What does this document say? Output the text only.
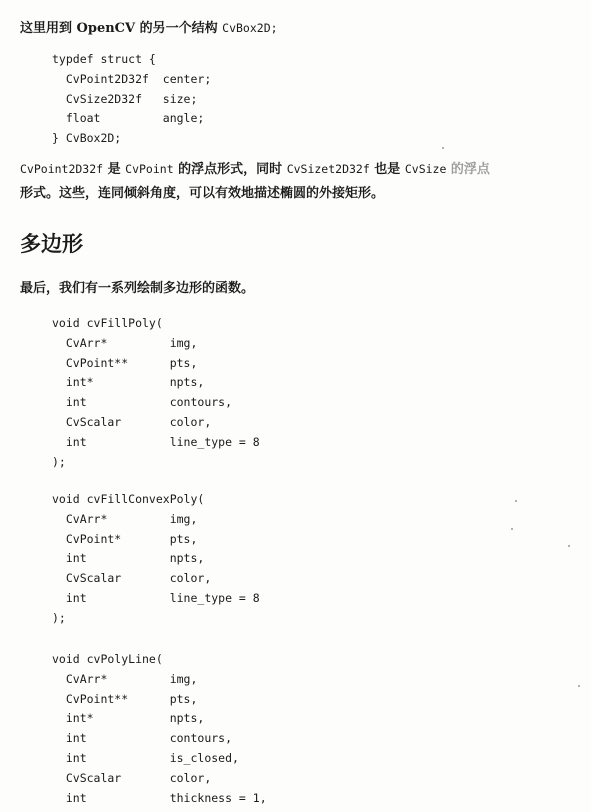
这里用到 OpenCV 的另一个结构 CvBox2D;
typdef struct {
CvPoint2D32f  center;
CvSize2D32f   size;
float         angle;
} CvBox2D;
CvPoint2D32f 是 CvPoint 的浮点形式，同时 CvSizet2D32f 也是 CvSize 的浮点
形式。这些，连同倾斜角度，可以有效地描述椭圆的外接矩形。
多边形
最后，我们有一系列绘制多边形的函数。
void cvFillPoly(
CvArr*         img,
CvPoint**      pts,
int*           npts,
int            contours,
CvScalar       color,
int            line_type = 8
);
void cvFillConvexPoly(
CvArr*         img,
CvPoint*       pts,
int            npts,
CvScalar       color,
int            line_type = 8
);
void cvPolyLine(
CvArr*         img,
CvPoint**      pts,
int*           npts,
int            contours,
int            is_closed,
CvScalar       color,
int            thickness = 1,
